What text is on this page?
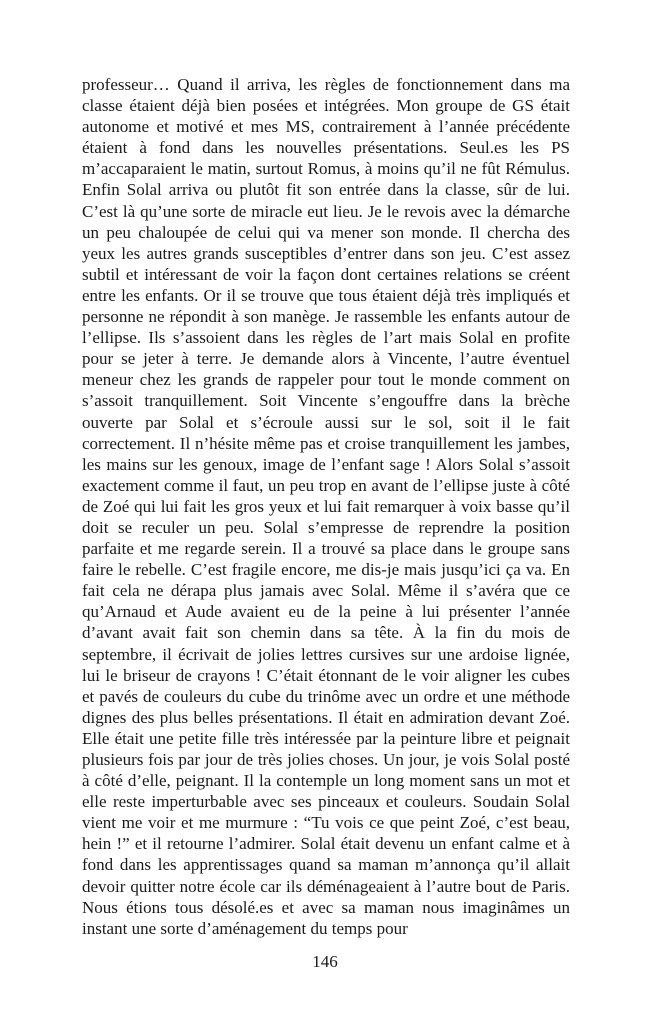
professeur… Quand il arriva, les règles de fonctionnement dans ma classe étaient déjà bien posées et intégrées. Mon groupe de GS était autonome et motivé et mes MS, contrairement à l’année précédente étaient à fond dans les nouvelles présentations. Seul.es les PS m’accaparaient le matin, surtout Romus, à moins qu’il ne fût Rémulus. Enfin Solal arriva ou plutôt fit son entrée dans la classe, sûr de lui. C’est là qu’une sorte de miracle eut lieu. Je le revois avec la démarche un peu chaloupée de celui qui va mener son monde. Il chercha des yeux les autres grands susceptibles d’entrer dans son jeu. C’est assez subtil et intéressant de voir la façon dont certaines relations se créent entre les enfants. Or il se trouve que tous étaient déjà très impliqués et personne ne répondit à son manège. Je rassemble les enfants autour de l’ellipse. Ils s’assoient dans les règles de l’art mais Solal en profite pour se jeter à terre. Je demande alors à Vincente, l’autre éventuel meneur chez les grands de rappeler pour tout le monde comment on s’assoit tranquillement. Soit Vincente s’engouffre dans la brèche ouverte par Solal et s’écroule aussi sur le sol, soit il le fait correctement. Il n’hésite même pas et croise tranquillement les jambes, les mains sur les genoux, image de l’enfant sage ! Alors Solal s’assoit exactement comme il faut, un peu trop en avant de l’ellipse juste à côté de Zoé qui lui fait les gros yeux et lui fait remarquer à voix basse qu’il doit se reculer un peu. Solal s’empresse de reprendre la position parfaite et me regarde serein. Il a trouvé sa place dans le groupe sans faire le rebelle. C’est fragile encore, me dis-je mais jusqu’ici ça va. En fait cela ne dérapa plus jamais avec Solal. Même il s’avéra que ce qu’Arnaud et Aude avaient eu de la peine à lui présenter l’année d’avant avait fait son chemin dans sa tête. À la fin du mois de septembre, il écrivait de jolies lettres cursives sur une ardoise lignée, lui le briseur de crayons ! C’était étonnant de le voir aligner les cubes et pavés de couleurs du cube du trinôme avec un ordre et une méthode dignes des plus belles présentations. Il était en admiration devant Zoé. Elle était une petite fille très intéressée par la peinture libre et peignait plusieurs fois par jour de très jolies choses. Un jour, je vois Solal posté à côté d’elle, peignant. Il la contemple un long moment sans un mot et elle reste imperturbable avec ses pinceaux et couleurs. Soudain Solal vient me voir et me murmure : “Tu vois ce que peint Zoé, c’est beau, hein !” et il retourne l’admirer. Solal était devenu un enfant calme et à fond dans les apprentissages quand sa maman m’annonça qu’il allait devoir quitter notre école car ils déménageaient à l’autre bout de Paris. Nous étions tous désolé.es et avec sa maman nous imaginâmes un instant une sorte d’aménagement du temps pour

146
